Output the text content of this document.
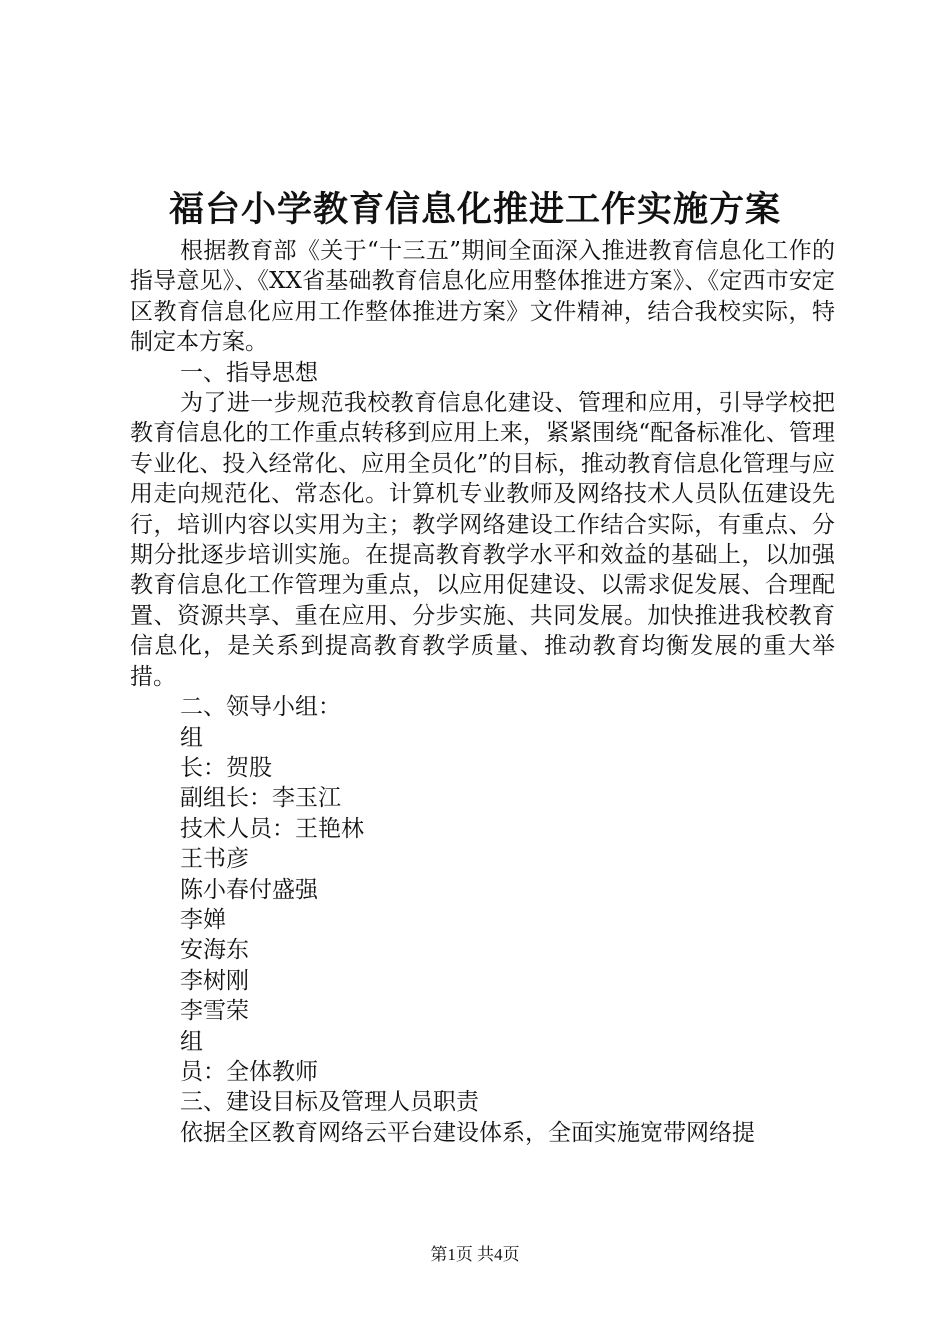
福台小学教育信息化推进工作实施方案

根据教育部《关于“十三五”期间全面深入推进教育信息化工作的指导意见》、《XX省基础教育信息化应用整体推进方案》、《定西市安定区教育信息化应用工作整体推进方案》文件精神，结合我校实际，特制定本方案。

一、指导思想

为了进一步规范我校教育信息化建设、管理和应用，引导学校把教育信息化的工作重点转移到应用上来，紧紧围绕“配备标准化、管理专业化、投入经常化、应用全员化”的目标，推动教育信息化管理与应用走向规范化、常态化。计算机专业教师及网络技术人员队伍建设先行，培训内容以实用为主；教学网络建设工作结合实际，有重点、分期分批逐步培训实施。在提高教育教学水平和效益的基础上，以加强教育信息化工作管理为重点，以应用促建设、以需求促发展、合理配置、资源共享、重在应用、分步实施、共同发展。加快推进我校教育信息化，是关系到提高教育教学质量、推动教育均衡发展的重大举措。

二、领导小组：

组

长：贺股

副组长：李玉江

技术人员：王艳林

王书彦

陈小春付盛强

李婵

安海东

李树刚

李雪荣

组

员：全体教师

三、建设目标及管理人员职责

依据全区教育网络云平台建设体系，全面实施宽带网络提

第1页 共4页
